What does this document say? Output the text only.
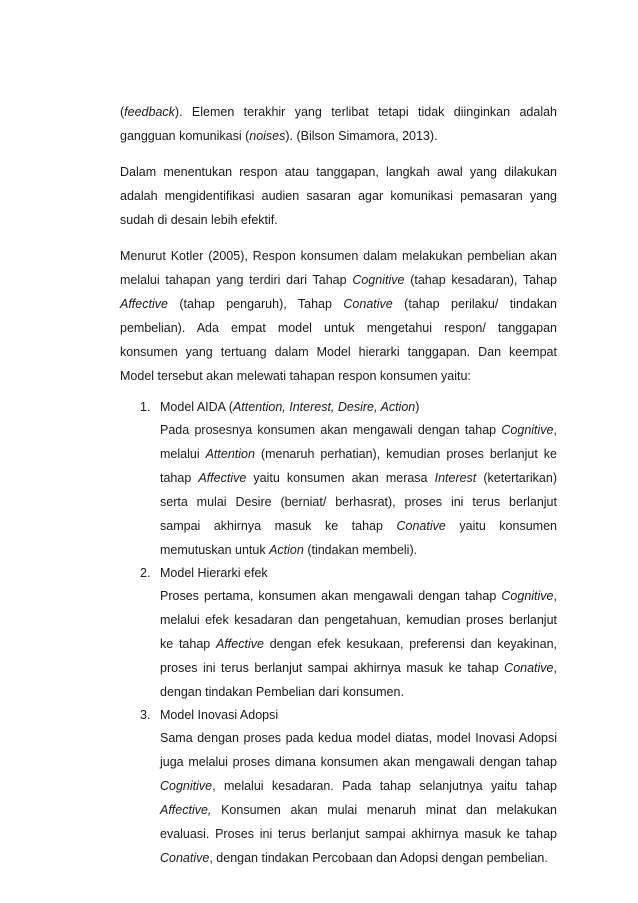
(feedback). Elemen terakhir yang terlibat tetapi tidak diinginkan adalah gangguan komunikasi (noises). (Bilson Simamora, 2013).

Dalam menentukan respon atau tanggapan, langkah awal yang dilakukan adalah mengidentifikasi audien sasaran agar komunikasi pemasaran yang sudah di desain lebih efektif.

Menurut Kotler (2005), Respon konsumen dalam melakukan pembelian akan melalui tahapan yang terdiri dari Tahap Cognitive (tahap kesadaran), Tahap Affective (tahap pengaruh), Tahap Conative (tahap perilaku/ tindakan pembelian). Ada empat model untuk mengetahui respon/ tanggapan konsumen yang tertuang dalam Model hierarki tanggapan. Dan keempat Model tersebut akan melewati tahapan respon konsumen yaitu:

1. Model AIDA (Attention, Interest, Desire, Action)

Pada prosesnya konsumen akan mengawali dengan tahap Cognitive, melalui Attention (menaruh perhatian), kemudian proses berlanjut ke tahap Affective yaitu konsumen akan merasa Interest (ketertarikan) serta mulai Desire (berniat/ berhasrat), proses ini terus berlanjut sampai akhirnya masuk ke tahap Conative yaitu konsumen memutuskan untuk Action (tindakan membeli).

2. Model Hierarki efek

Proses pertama, konsumen akan mengawali dengan tahap Cognitive, melalui efek kesadaran dan pengetahuan, kemudian proses berlanjut ke tahap Affective dengan efek kesukaan, preferensi dan keyakinan, proses ini terus berlanjut sampai akhirnya masuk ke tahap Conative, dengan tindakan Pembelian dari konsumen.

3. Model Inovasi Adopsi

Sama dengan proses pada kedua model diatas, model Inovasi Adopsi juga melalui proses dimana konsumen akan mengawali dengan tahap Cognitive, melalui kesadaran. Pada tahap selanjutnya yaitu tahap Affective, Konsumen akan mulai menaruh minat dan melakukan evaluasi. Proses ini terus berlanjut sampai akhirnya masuk ke tahap Conative, dengan tindakan Percobaan dan Adopsi dengan pembelian.
